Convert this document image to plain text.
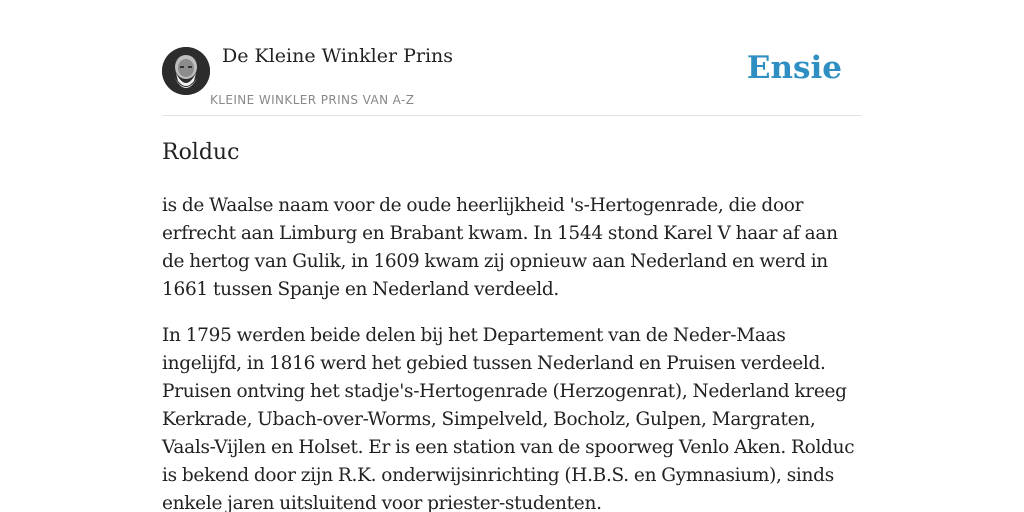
De Kleine Winkler Prins
KLEINE WINKLER PRINS VAN A-Z
Ensie
Rolduc

is de Waalse naam voor de oude heerlijkheid 's-Hertogenrade, die door erfrecht aan Limburg en Brabant kwam. In 1544 stond Karel V haar af aan de hertog van Gulik, in 1609 kwam zij opnieuw aan Nederland en werd in 1661 tussen Spanje en Nederland verdeeld.

In 1795 werden beide delen bij het Departement van de Neder-Maas ingelijfd, in 1816 werd het gebied tussen Nederland en Pruisen verdeeld. Pruisen ontving het stadje's-Hertogenrade (Herzogenrat), Nederland kreeg Kerkrade, Ubach-over-Worms, Simpelveld, Bocholz, Gulpen, Margraten, Vaals-Vijlen en Holset. Er is een station van de spoorweg Venlo Aken. Rolduc is bekend door zijn R.K. onderwijsinrichting (H.B.S. en Gymnasium), sinds enkele jaren uitsluitend voor priester-studenten.
